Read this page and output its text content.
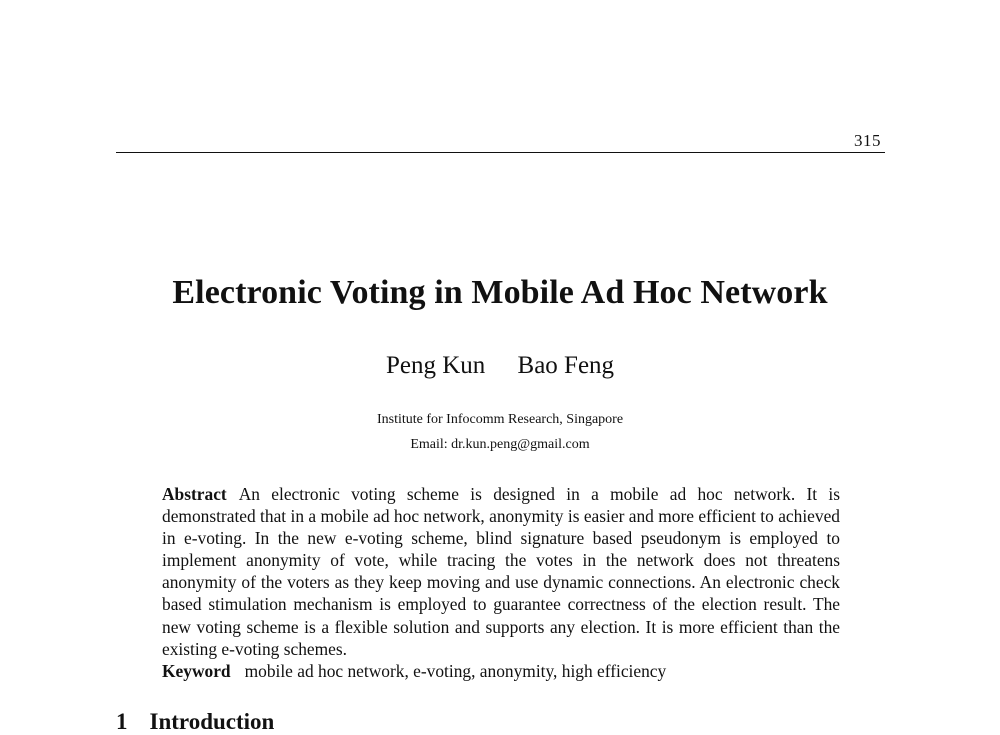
315
Electronic Voting in Mobile Ad Hoc Network
Peng Kun Bao Feng
Institute for Infocomm Research, Singapore
Email: dr.kun.peng@gmail.com
Abstract An electronic voting scheme is designed in a mobile ad hoc network. It is demonstrated that in a mobile ad hoc network, anonymity is easier and more efficient to achieved in e-voting. In the new e-voting scheme, blind signature based pseudonym is employed to implement anonymity of vote, while tracing the votes in the network does not threatens anonymity of the voters as they keep moving and use dynamic connections. An electronic check based stimulation mechanism is employed to guarantee correctness of the election result. The new voting scheme is a flexible solution and supports any election. It is more efficient than the existing e-voting schemes.
Keyword mobile ad hoc network, e-voting, anonymity, high efficiency
1 Introduction
